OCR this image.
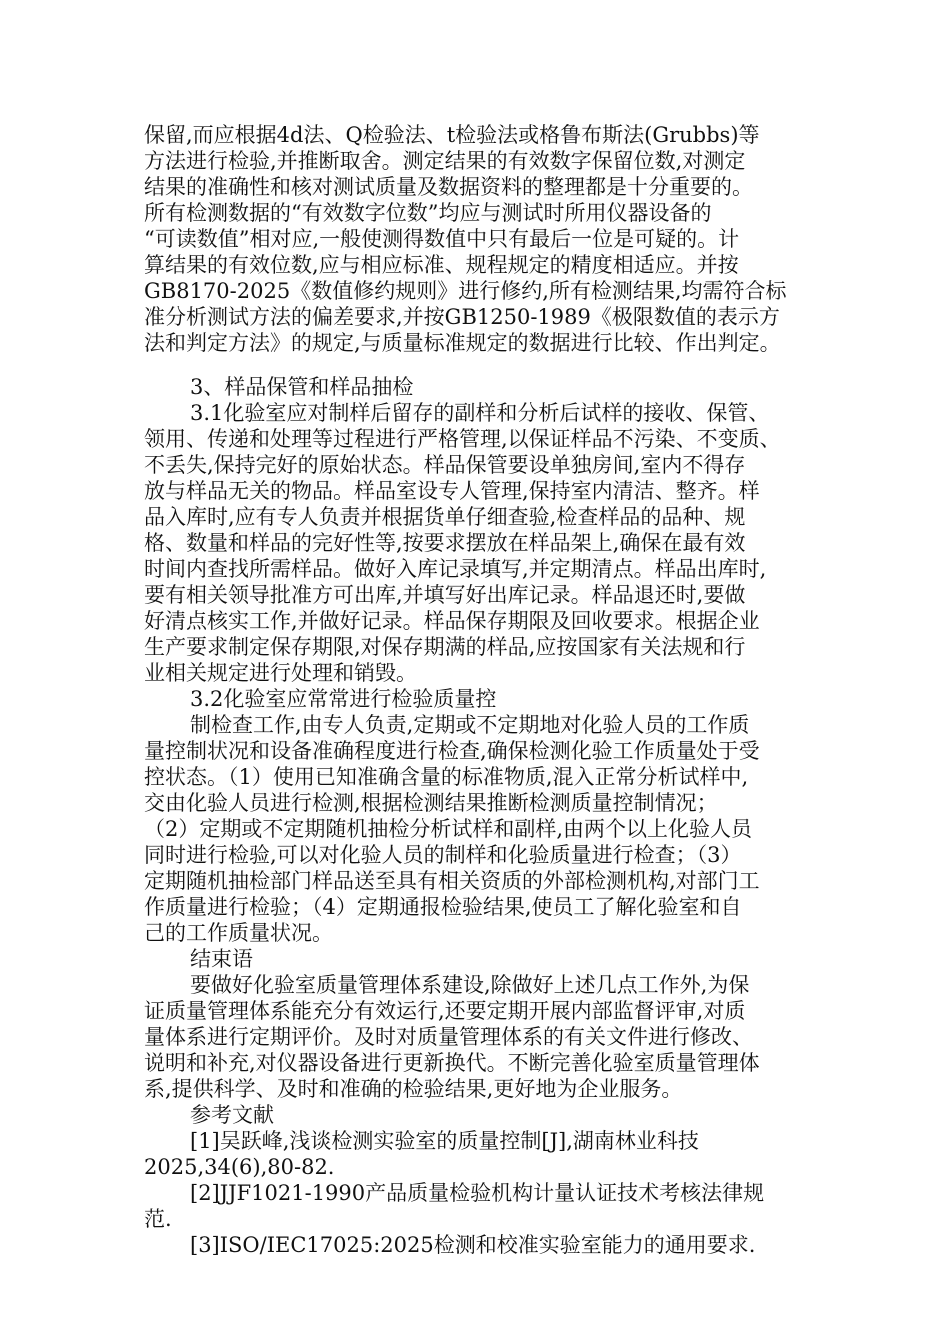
保留,而应根据4d法、Q检验法、t检验法或格鲁布斯法(Grubbs)等
方法进行检验,并推断取舍。测定结果的有效数字保留位数,对测定
结果的准确性和核对测试质量及数据资料的整理都是十分重要的。
所有检测数据的“有效数字位数”均应与测试时所用仪器设备的
“可读数值”相对应,一般使测得数值中只有最后一位是可疑的。计
算结果的有效位数,应与相应标准、规程规定的精度相适应。并按
GB8170-2025《数值修约规则》进行修约,所有检测结果,均需符合标
准分析测试方法的偏差要求,并按GB1250-1989《极限数值的表示方
法和判定方法》的规定,与质量标准规定的数据进行比较、作出判定。
3、样品保管和样品抽检
3.1化验室应对制样后留存的副样和分析后试样的接收、保管、
领用、传递和处理等过程进行严格管理,以保证样品不污染、不变质、
不丢失,保持完好的原始状态。样品保管要设单独房间,室内不得存
放与样品无关的物品。样品室设专人管理,保持室内清洁、整齐。样
品入库时,应有专人负责并根据货单仔细查验,检查样品的品种、规
格、数量和样品的完好性等,按要求摆放在样品架上,确保在最有效
时间内查找所需样品。做好入库记录填写,并定期清点。样品出库时,
要有相关领导批准方可出库,并填写好出库记录。样品退还时,要做
好清点核实工作,并做好记录。样品保存期限及回收要求。根据企业
生产要求制定保存期限,对保存期满的样品,应按国家有关法规和行
业相关规定进行处理和销毁。
3.2化验室应常常进行检验质量控
制检查工作,由专人负责,定期或不定期地对化验人员的工作质
量控制状况和设备准确程度进行检查,确保检测化验工作质量处于受
控状态。（1）使用已知准确含量的标准物质,混入正常分析试样中,
交由化验人员进行检测,根据检测结果推断检测质量控制情况；
（2）定期或不定期随机抽检分析试样和副样,由两个以上化验人员
同时进行检验,可以对化验人员的制样和化验质量进行检查；（3）
定期随机抽检部门样品送至具有相关资质的外部检测机构,对部门工
作质量进行检验；（4）定期通报检验结果,使员工了解化验室和自
己的工作质量状况。
结束语
要做好化验室质量管理体系建设,除做好上述几点工作外,为保
证质量管理体系能充分有效运行,还要定期开展内部监督评审,对质
量体系进行定期评价。及时对质量管理体系的有关文件进行修改、
说明和补充,对仪器设备进行更新换代。不断完善化验室质量管理体
系,提供科学、及时和准确的检验结果,更好地为企业服务。
参考文献
[1]吴跃峰,浅谈检测实验室的质量控制[J],湖南林业科技
2025,34(6),80-82.
[2]JJF1021-1990产品质量检验机构计量认证技术考核法律规
范.
[3]ISO/IEC17025:2025检测和校准实验室能力的通用要求.
